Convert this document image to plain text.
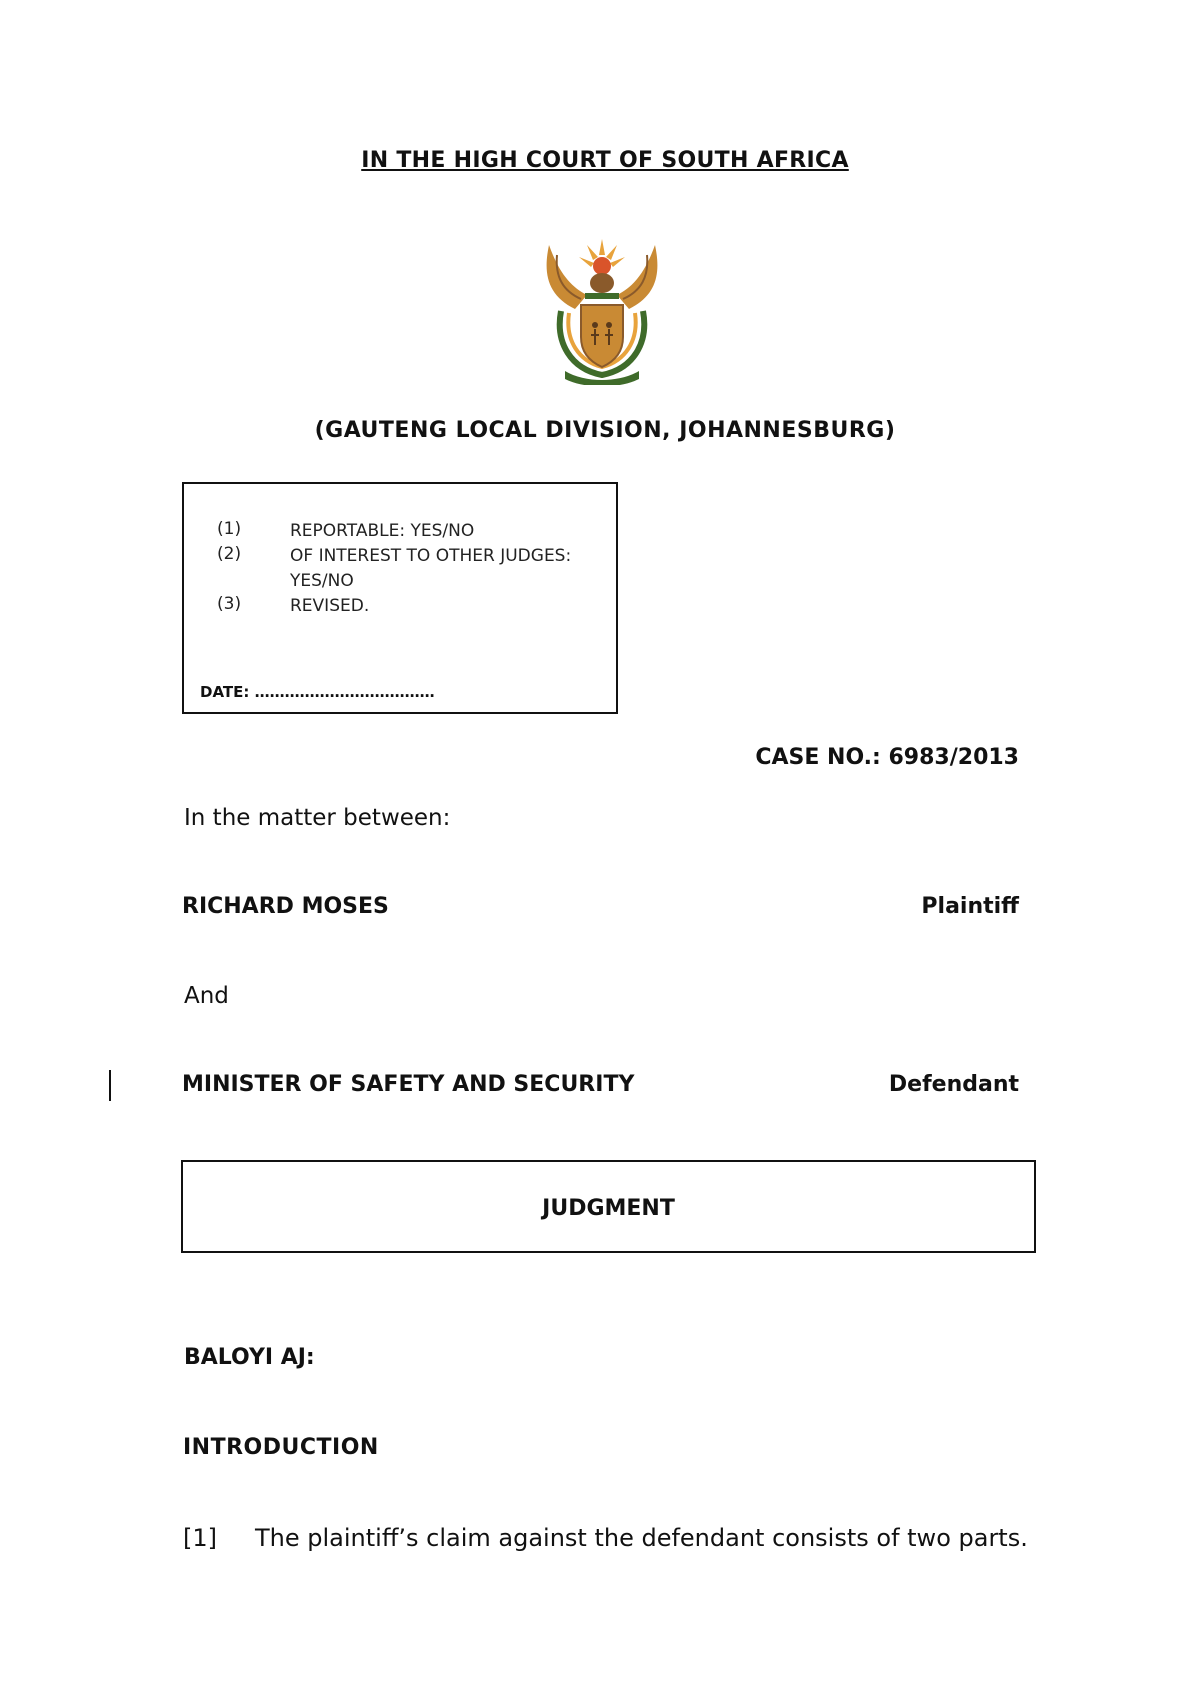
IN THE HIGH COURT OF SOUTH AFRICA
(GAUTENG LOCAL DIVISION, JOHANNESBURG)
(1)	REPORTABLE: YES/NO
(2)	OF INTEREST TO OTHER JUDGES: YES/NO
(3)	REVISED.
DATE: ………………………………
CASE NO.: 6983/2013
In the matter between:
RICHARD MOSES	Plaintiff
And
MINISTER OF SAFETY AND SECURITY	Defendant
JUDGMENT
BALOYI AJ:
INTRODUCTION
[1] The plaintiff’s claim against the defendant consists of two parts.
